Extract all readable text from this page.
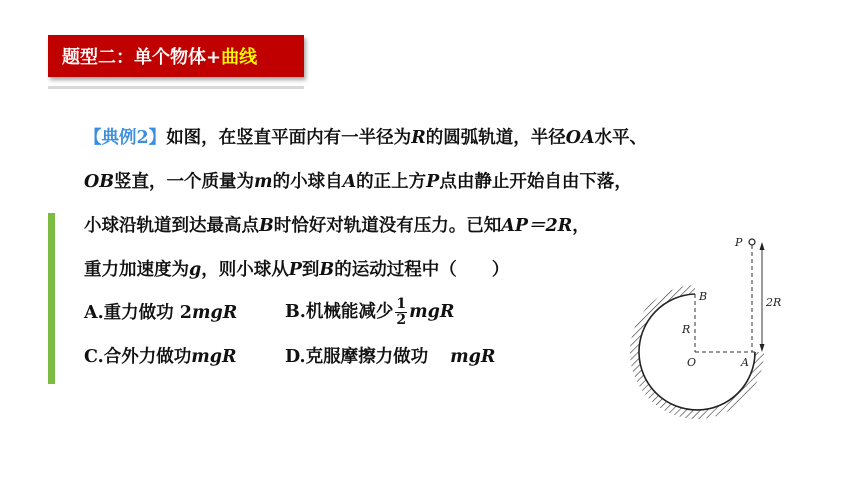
题型二：单个物体+ 曲线
【典例2】如图，在竖直平面内有一半径为R的圆弧轨道，半径OA水平、
OB竖直，一个质量为m的小球自A的正上方P点由静止开始自由下落，
小球沿轨道到达最高点B时恰好对轨道没有压力。已知AP＝2R，
重力加速度为g，则小球从P到B的运动过程中（　　）
A.重力做功 2mgR	B.机械能减少 $\frac{1}{2}$ mgR
C.合外力做功mgR	D.克服摩擦力做功 mgR
P
B
R
O	A
2R
